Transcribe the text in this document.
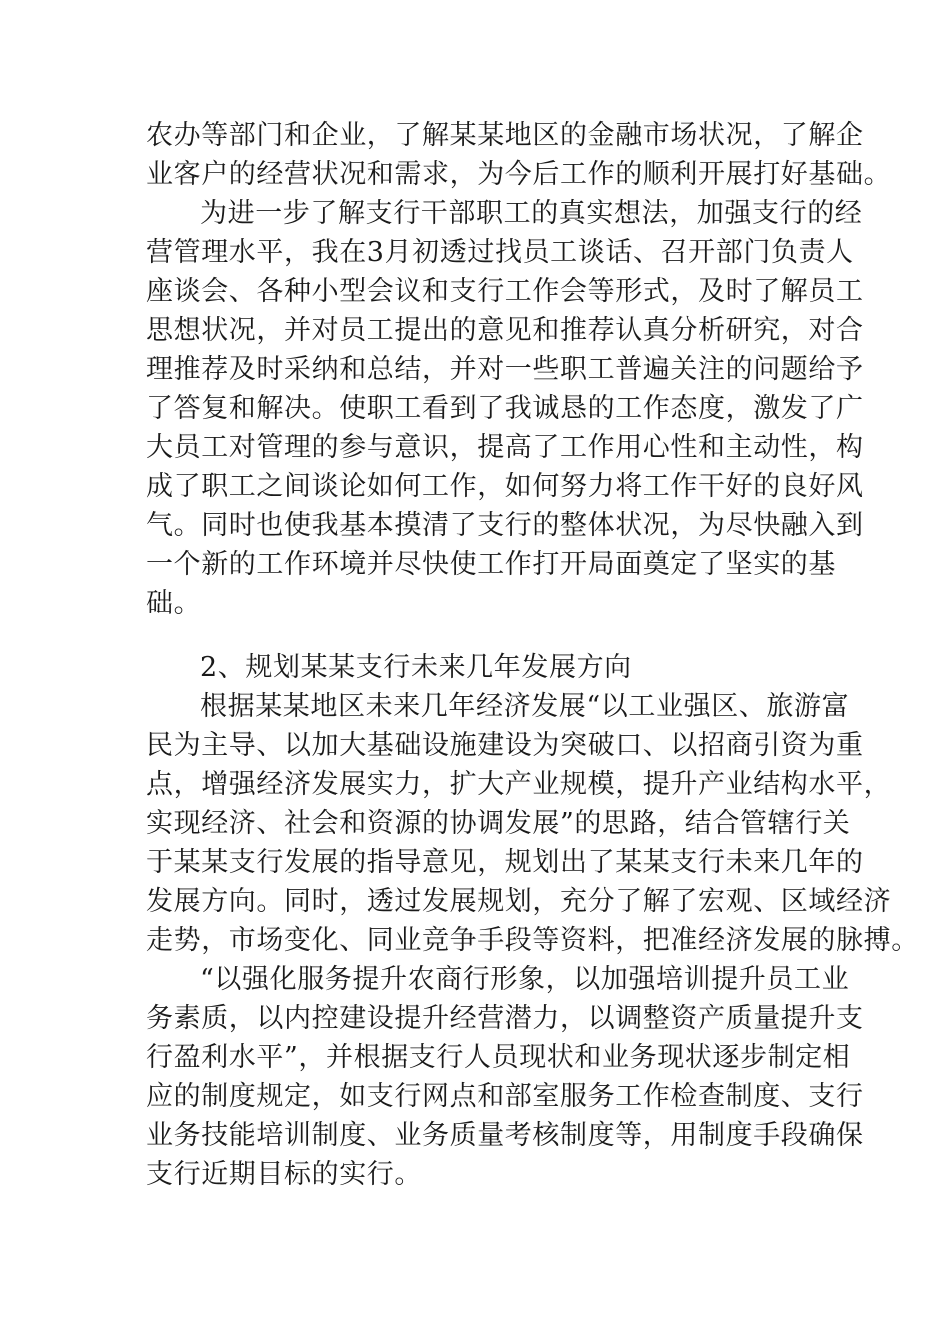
农办等部门和企业，了解某某地区的金融市场状况，了解企
业客户的经营状况和需求，为今后工作的顺利开展打好基础。
为进一步了解支行干部职工的真实想法，加强支行的经
营管理水平，我在3月初透过找员工谈话、召开部门负责人
座谈会、各种小型会议和支行工作会等形式，及时了解员工
思想状况，并对员工提出的意见和推荐认真分析研究，对合
理推荐及时采纳和总结，并对一些职工普遍关注的问题给予
了答复和解决。使职工看到了我诚恳的工作态度，激发了广
大员工对管理的参与意识，提高了工作用心性和主动性，构
成了职工之间谈论如何工作，如何努力将工作干好的良好风
气。同时也使我基本摸清了支行的整体状况，为尽快融入到
一个新的工作环境并尽快使工作打开局面奠定了坚实的基
础。
2、规划某某支行未来几年发展方向
根据某某地区未来几年经济发展“以工业强区、旅游富
民为主导、以加大基础设施建设为突破口、以招商引资为重
点，增强经济发展实力，扩大产业规模，提升产业结构水平，
实现经济、社会和资源的协调发展”的思路，结合管辖行关
于某某支行发展的指导意见，规划出了某某支行未来几年的
发展方向。同时，透过发展规划，充分了解了宏观、区域经济
走势，市场变化、同业竞争手段等资料，把准经济发展的脉搏。
“以强化服务提升农商行形象，以加强培训提升员工业
务素质，以内控建设提升经营潜力，以调整资产质量提升支
行盈利水平”，并根据支行人员现状和业务现状逐步制定相
应的制度规定，如支行网点和部室服务工作检查制度、支行
业务技能培训制度、业务质量考核制度等，用制度手段确保
支行近期目标的实行。
